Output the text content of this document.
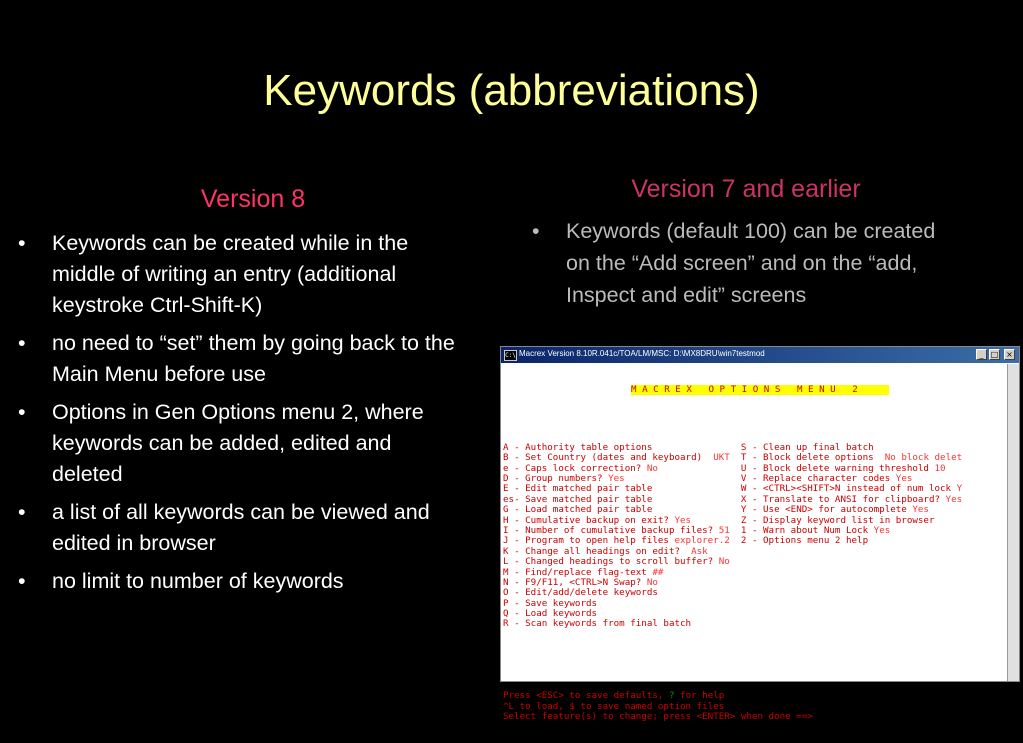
Keywords (abbreviations)
Version 8	Version 7 and earlier
• Keywords can be created while in the middle of writing an entry (additional keystroke Ctrl-Shift-K)
• no need to “set” them by going back to the Main Menu before use
• Options in Gen Options menu 2, where keywords can be added, edited and deleted
• a list of all keywords can be viewed and edited in browser
• no limit to number of keywords
• Keywords (default 100) can be created on the “Add screen” and on the “add, Inspect and edit” screens
C:\ Macrex Version 8.10R.041c/TOA/LM/MSC: D:\MX8DRU\win7testmod	_ □ ×

M A C R E X   O P T I O N S   M E N U   2

A - Authority table options	S - Clean up final batch
B - Set Country (dates and keyboard)  UKT T - Block delete options  No block delet
e - Caps lock correction? No	U - Block delete warning threshold 10
D - Group numbers? Yes	V - Replace character codes Yes
E - Edit matched pair table	W - <CTRL><SHIFT>N instead of num lock Y
es- Save matched pair table	X - Translate to ANSI for clipboard? Yes
G - Load matched pair table	Y - Use <END> for autocomplete Yes
H - Cumulative backup on exit? Yes	Z - Display keyword list in browser
I - Number of cumulative backup files? 51 1 - Warn about Num Lock Yes
J - Program to open help files explorer.2 2 - Options menu 2 help
K - Change all headings on edit?  Ask
L - Changed headings to scroll buffer? No
M - Find/replace flag-text ##
N - F9/F11, <CTRL>N Swap? No
O - Edit/add/delete keywords
P - Save keywords
Q - Load keywords
R - Scan keywords from final batch

Press <ESC> to save defaults, ? for help
^L to load, $ to save named option files
Select feature(s) to change; press <ENTER> when done ==>
